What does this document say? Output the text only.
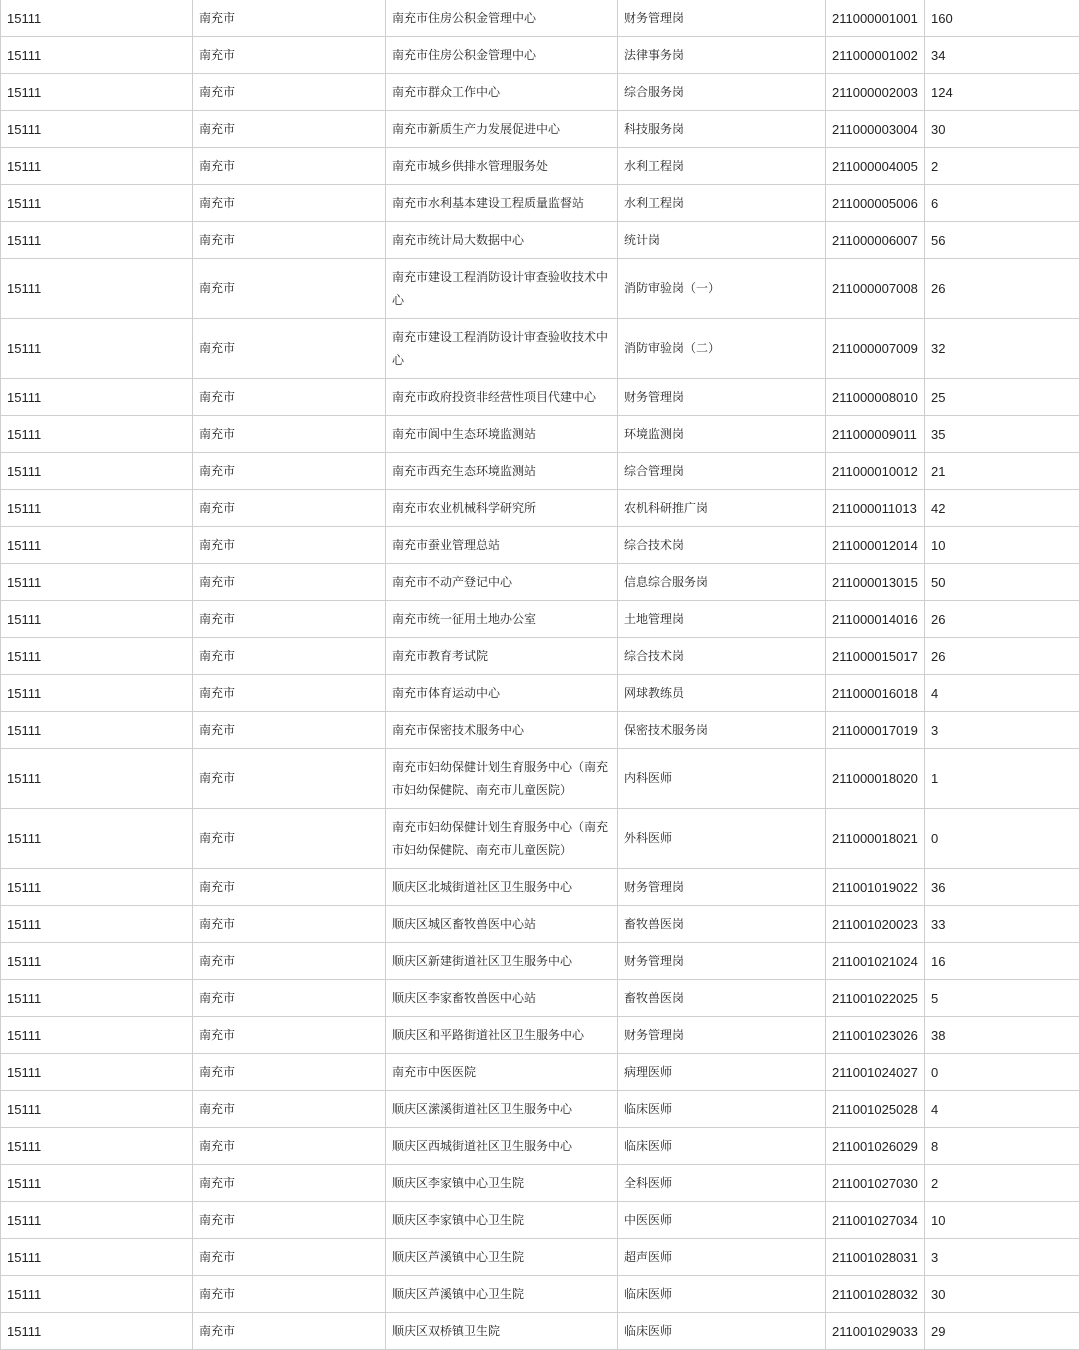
15111	南充市	南充市住房公积金管理中心	财务管理岗	211000001001	160
15111	南充市	南充市住房公积金管理中心	法律事务岗	211000001002	34
15111	南充市	南充市群众工作中心	综合服务岗	211000002003	124
15111	南充市	南充市新质生产力发展促进中心	科技服务岗	211000003004	30
15111	南充市	南充市城乡供排水管理服务处	水利工程岗	211000004005	2
15111	南充市	南充市水利基本建设工程质量监督站	水利工程岗	211000005006	6
15111	南充市	南充市统计局大数据中心	统计岗	211000006007	56
15111	南充市	南充市建设工程消防设计审查验收技术中心	消防审验岗（一）	211000007008	26
15111	南充市	南充市建设工程消防设计审查验收技术中心	消防审验岗（二）	211000007009	32
15111	南充市	南充市政府投资非经营性项目代建中心	财务管理岗	211000008010	25
15111	南充市	南充市阆中生态环境监测站	环境监测岗	211000009011	35
15111	南充市	南充市西充生态环境监测站	综合管理岗	211000010012	21
15111	南充市	南充市农业机械科学研究所	农机科研推广岗	211000011013	42
15111	南充市	南充市蚕业管理总站	综合技术岗	211000012014	10
15111	南充市	南充市不动产登记中心	信息综合服务岗	211000013015	50
15111	南充市	南充市统一征用土地办公室	土地管理岗	211000014016	26
15111	南充市	南充市教育考试院	综合技术岗	211000015017	26
15111	南充市	南充市体育运动中心	网球教练员	211000016018	4
15111	南充市	南充市保密技术服务中心	保密技术服务岗	211000017019	3
15111	南充市	南充市妇幼保健计划生育服务中心（南充市妇幼保健院、南充市儿童医院）	内科医师	211000018020	1
15111	南充市	南充市妇幼保健计划生育服务中心（南充市妇幼保健院、南充市儿童医院）	外科医师	211000018021	0
15111	南充市	顺庆区北城街道社区卫生服务中心	财务管理岗	211001019022	36
15111	南充市	顺庆区城区畜牧兽医中心站	畜牧兽医岗	211001020023	33
15111	南充市	顺庆区新建街道社区卫生服务中心	财务管理岗	211001021024	16
15111	南充市	顺庆区李家畜牧兽医中心站	畜牧兽医岗	211001022025	5
15111	南充市	顺庆区和平路街道社区卫生服务中心	财务管理岗	211001023026	38
15111	南充市	南充市中医医院	病理医师	211001024027	0
15111	南充市	顺庆区潆溪街道社区卫生服务中心	临床医师	211001025028	4
15111	南充市	顺庆区西城街道社区卫生服务中心	临床医师	211001026029	8
15111	南充市	顺庆区李家镇中心卫生院	全科医师	211001027030	2
15111	南充市	顺庆区李家镇中心卫生院	中医医师	211001027034	10
15111	南充市	顺庆区芦溪镇中心卫生院	超声医师	211001028031	3
15111	南充市	顺庆区芦溪镇中心卫生院	临床医师	211001028032	30
15111	南充市	顺庆区双桥镇卫生院	临床医师	211001029033	29
